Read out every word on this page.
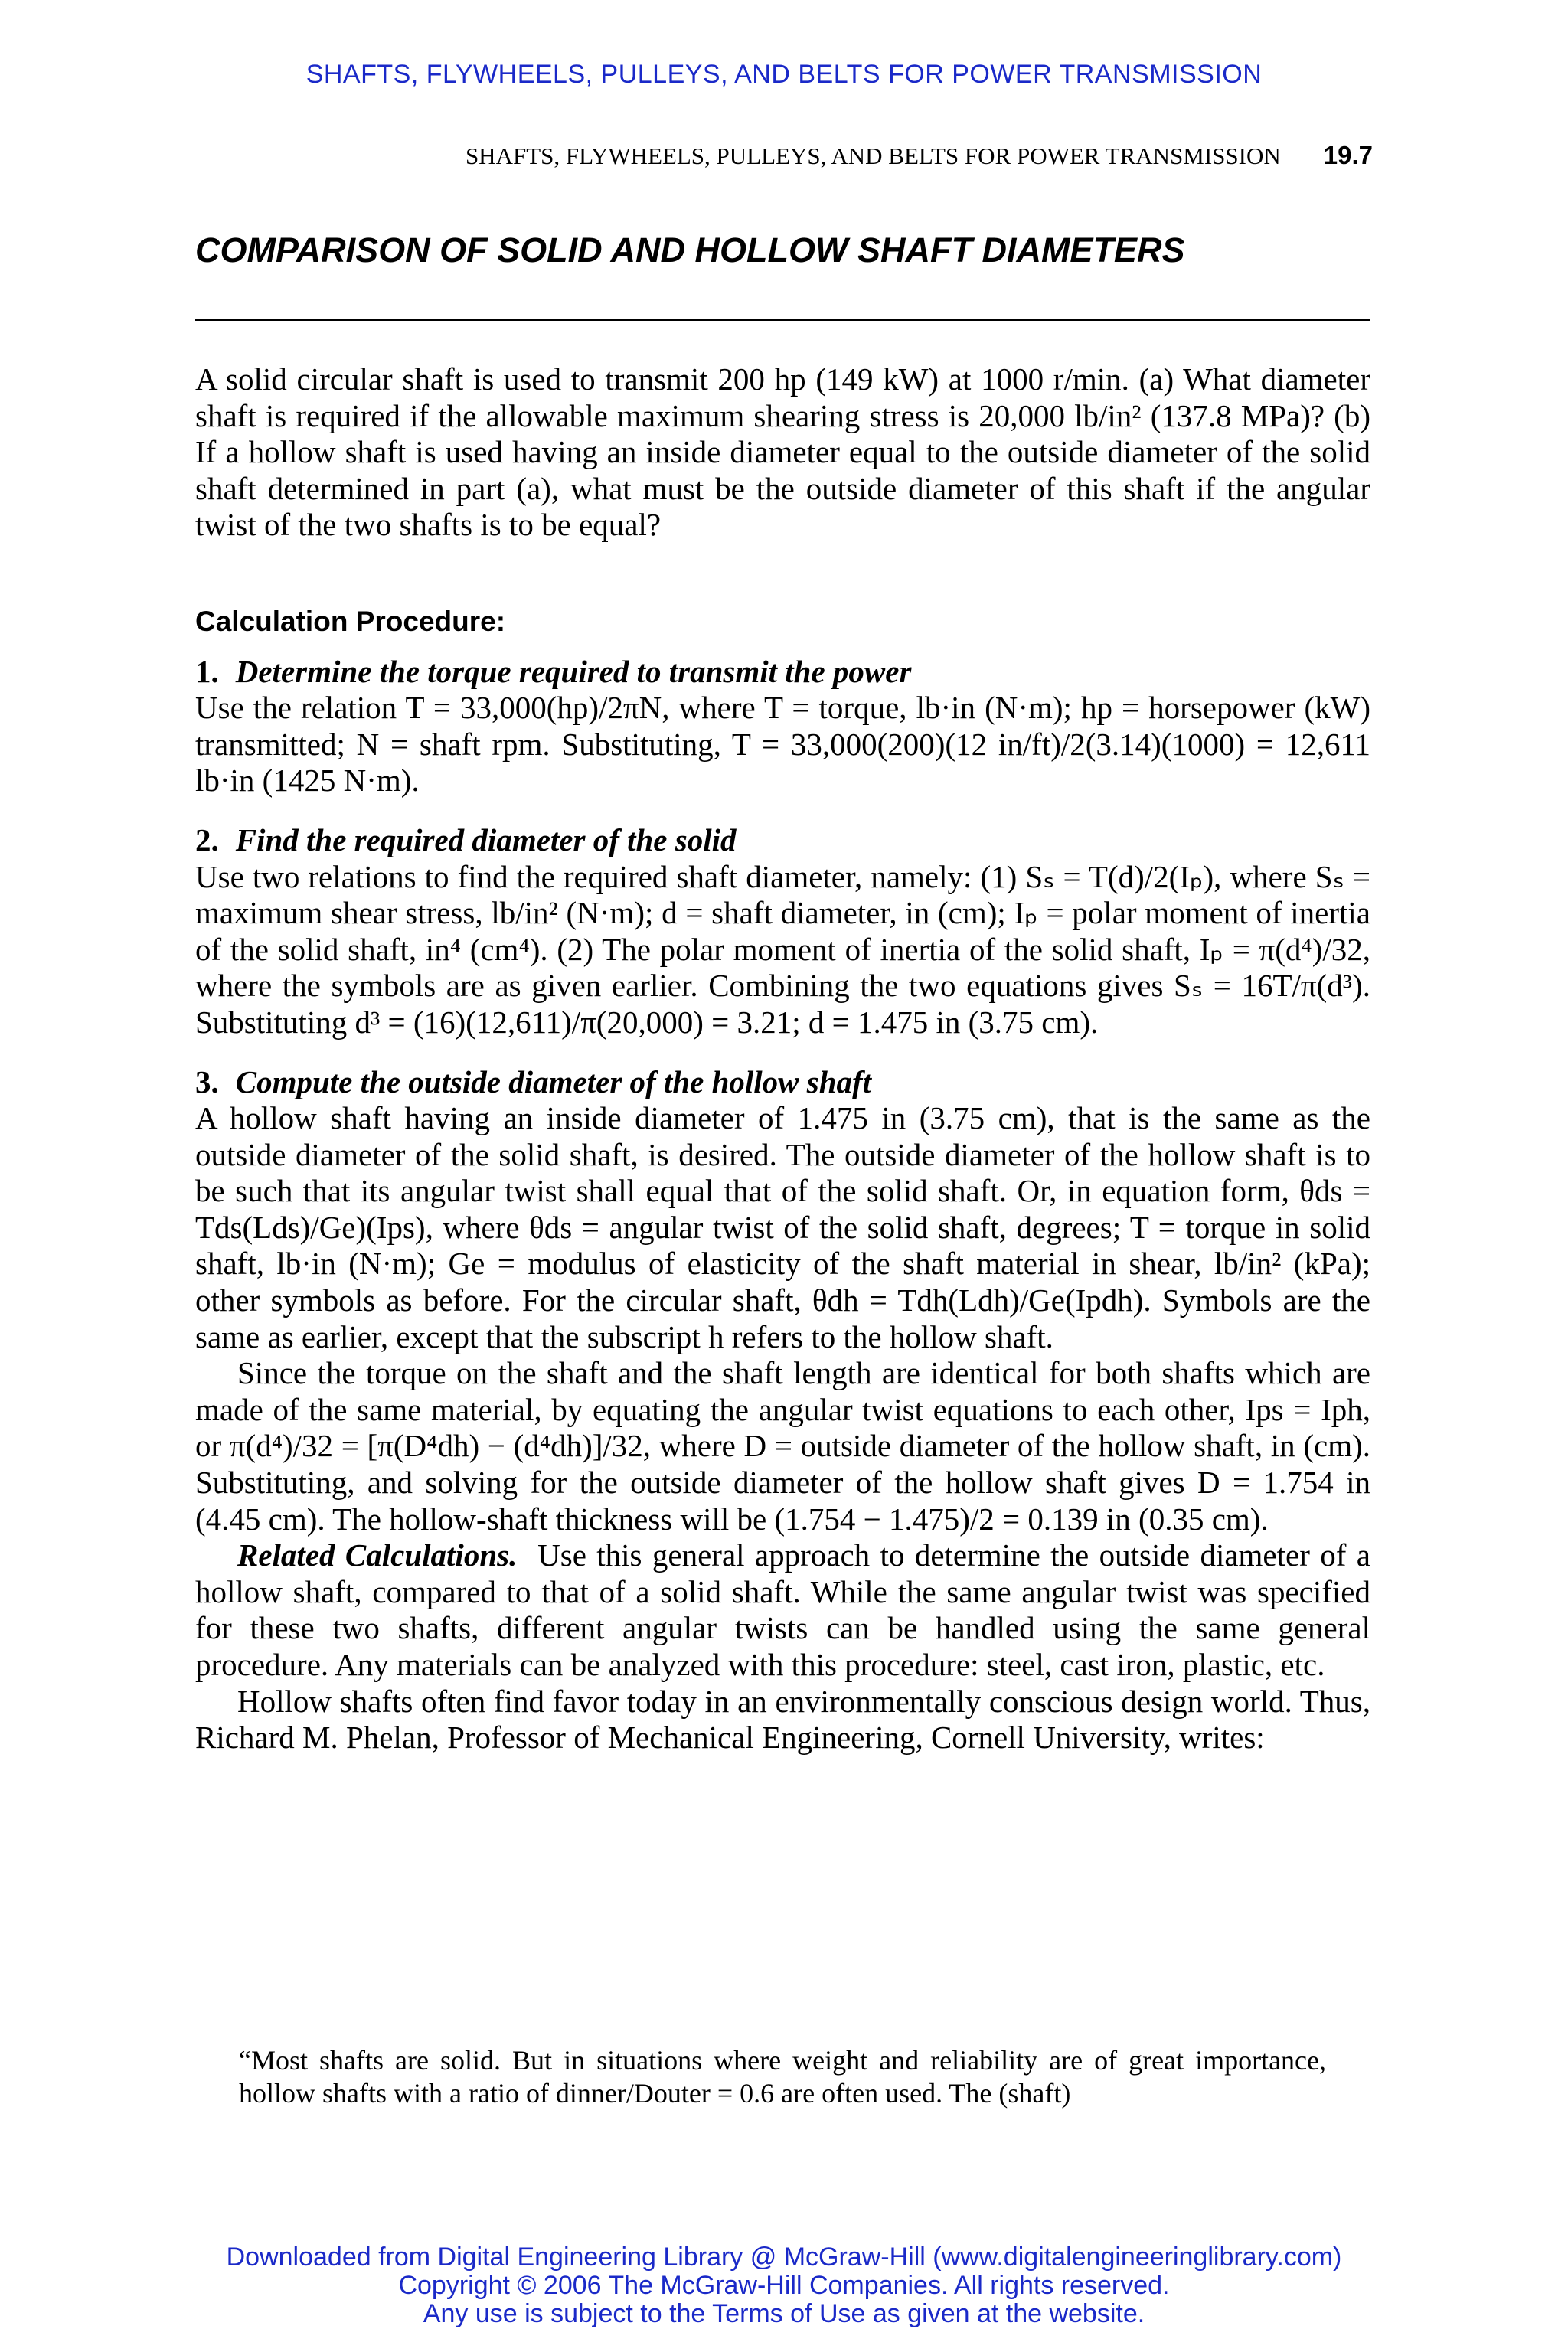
SHAFTS, FLYWHEELS, PULLEYS, AND BELTS FOR POWER TRANSMISSION
SHAFTS, FLYWHEELS, PULLEYS, AND BELTS FOR POWER TRANSMISSION 19.7
COMPARISON OF SOLID AND HOLLOW SHAFT DIAMETERS

A solid circular shaft is used to transmit 200 hp (149 kW) at 1000 r/min. (a) What diameter shaft is required if the allowable maximum shearing stress is 20,000 lb/in² (137.8 MPa)? (b) If a hollow shaft is used having an inside diameter equal to the outside diameter of the solid shaft determined in part (a), what must be the outside diameter of this shaft if the angular twist of the two shafts is to be equal?

Calculation Procedure:

1. Determine the torque required to transmit the power

Use the relation T = 33,000(hp)/2πN, where T = torque, lb·in (N·m); hp = horsepower (kW) transmitted; N = shaft rpm. Substituting, T = 33,000(200)(12 in/ft)/2(3.14)(1000) = 12,611 lb·in (1425 N·m).

2. Find the required diameter of the solid

Use two relations to find the required shaft diameter, namely: (1) Sₛ = T(d)/2(Iₚ), where Sₛ = maximum shear stress, lb/in² (N·m); d = shaft diameter, in (cm); Iₚ = polar moment of inertia of the solid shaft, in⁴ (cm⁴). (2) The polar moment of inertia of the solid shaft, Iₚ = π(d⁴)/32, where the symbols are as given earlier. Combining the two equations gives Sₛ = 16T/π(d³). Substituting d³ = (16)(12,611)/π(20,000) = 3.21; d = 1.475 in (3.75 cm).

3. Compute the outside diameter of the hollow shaft

A hollow shaft having an inside diameter of 1.475 in (3.75 cm), that is the same as the outside diameter of the solid shaft, is desired. The outside diameter of the hollow shaft is to be such that its angular twist shall equal that of the solid shaft. Or, in equation form, θds = Tds(Lds)/Ge)(Ips), where θds = angular twist of the solid shaft, degrees; T = torque in solid shaft, lb·in (N·m); Ge = modulus of elasticity of the shaft material in shear, lb/in² (kPa); other symbols as before. For the circular shaft, θdh = Tdh(Ldh)/Ge(Ipdh). Symbols are the same as earlier, except that the subscript h refers to the hollow shaft.

Since the torque on the shaft and the shaft length are identical for both shafts which are made of the same material, by equating the angular twist equations to each other, Ips = Iph, or π(d⁴)/32 = [π(D⁴dh) − (d⁴dh)]/32, where D = outside diameter of the hollow shaft, in (cm). Substituting, and solving for the outside diameter of the hollow shaft gives D = 1.754 in (4.45 cm). The hollow-shaft thickness will be (1.754 − 1.475)/2 = 0.139 in (0.35 cm).

Related Calculations. Use this general approach to determine the outside diameter of a hollow shaft, compared to that of a solid shaft. While the same angular twist was specified for these two shafts, different angular twists can be handled using the same general procedure. Any materials can be analyzed with this procedure: steel, cast iron, plastic, etc.

Hollow shafts often find favor today in an environmentally conscious design world. Thus, Richard M. Phelan, Professor of Mechanical Engineering, Cornell University, writes:

“Most shafts are solid. But in situations where weight and reliability are of great importance, hollow shafts with a ratio of dinner/Douter = 0.6 are often used. The (shaft)
Downloaded from Digital Engineering Library @ McGraw-Hill (www.digitalengineeringlibrary.com)
Copyright © 2006 The McGraw-Hill Companies. All rights reserved.
Any use is subject to the Terms of Use as given at the website.
